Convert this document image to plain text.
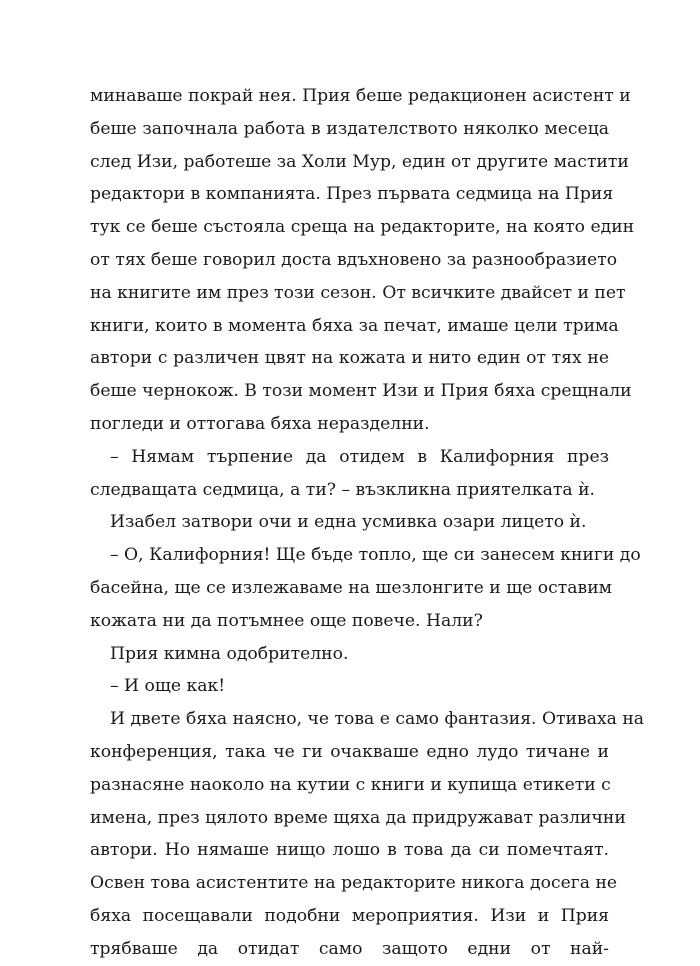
минаваше покрай нея. Прия беше редакционен асистент и
беше започнала работа в издателството няколко месеца
след Изи, работеше за Холи Мур, един от другите мастити
редактори в компанията. През първата седмица на Прия
тук се беше състояла среща на редакторите, на която един
от тях беше говорил доста вдъхновено за разнообразието
на книгите им през този сезон. От всичките двайсет и пет
книги, които в момента бяха за печат, имаше цели трима
автори с различен цвят на кожата и нито един от тях не
беше чернокож. В този момент Изи и Прия бяха срещнали
погледи и оттогава бяха неразделни.
– Нямам търпение да отидем в Калифорния през
следващата седмица, а ти? – възкликна приятелката ѝ.
Изабел затвори очи и една усмивка озари лицето ѝ.
– О, Калифорния! Ще бъде топло, ще си занесем книги до
басейна, ще се излежаваме на шезлонгите и ще оставим
кожата ни да потъмнее още повече. Нали?
Прия кимна одобрително.
– И още как!
И двете бяха наясно, че това е само фантазия. Отиваха на
конференция, така че ги очакваше едно лудо тичане и
разнасяне наоколо на кутии с книги и купища етикети с
имена, през цялото време щяха да придружават различни
автори. Но нямаше нищо лошо в това да си помечтаят.
Освен това асистентите на редакторите никога досега не
бяха посещавали подобни мероприятия. Изи и Прия
трябваше да отидат само защото едни от най-
